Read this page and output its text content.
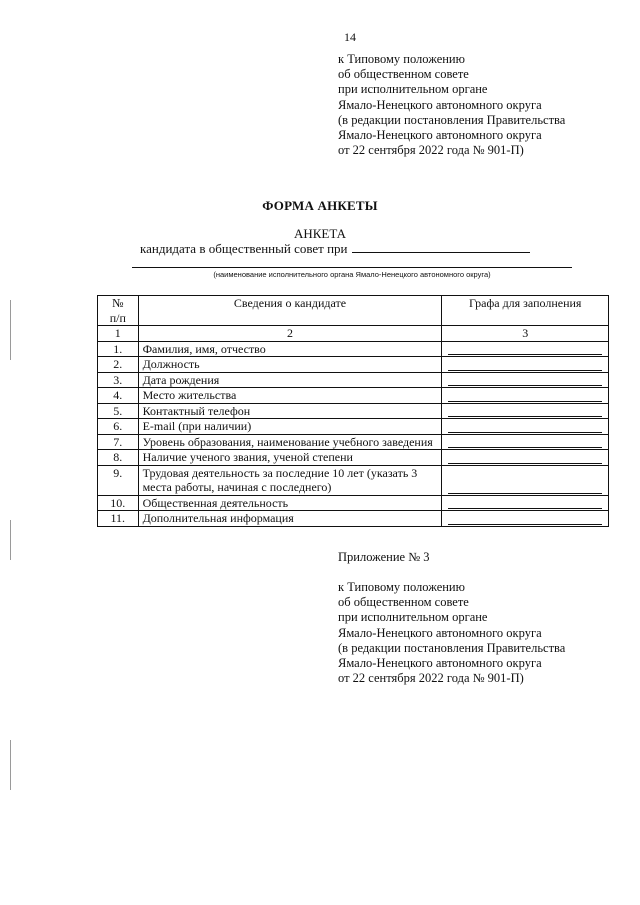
14
к Типовому положению
об общественном совете
при исполнительном органе
Ямало-Ненецкого автономного округа
(в редакции постановления Правительства
Ямало-Ненецкого автономного округа
от 22 сентября 2022 года № 901-П)
ФОРМА АНКЕТЫ
АНКЕТА
кандидата в общественный совет при
(наименование исполнительного органа Ямало-Ненецкого автономного округа)
№
п/п	Сведения о кандидате	Графа для заполнения
1	2	3
1.	Фамилия, имя, отчество	

2.	Должность	

3.	Дата рождения	

4.	Место жительства	

5.	Контактный телефон	

6.	E-mail (при наличии)	

7.	Уровень образования, наименование учебного заведения	

8.	Наличие ученого звания, ученой степени	

9.	Трудовая деятельность за последние 10 лет (указать 3 места работы, начиная с последнего)	

10.	Общественная деятельность	

11.	Дополнительная информация	
Приложение № 3
к Типовому положению
об общественном совете
при исполнительном органе
Ямало-Ненецкого автономного округа
(в редакции постановления Правительства
Ямало-Ненецкого автономного округа
от 22 сентября 2022 года № 901-П)
